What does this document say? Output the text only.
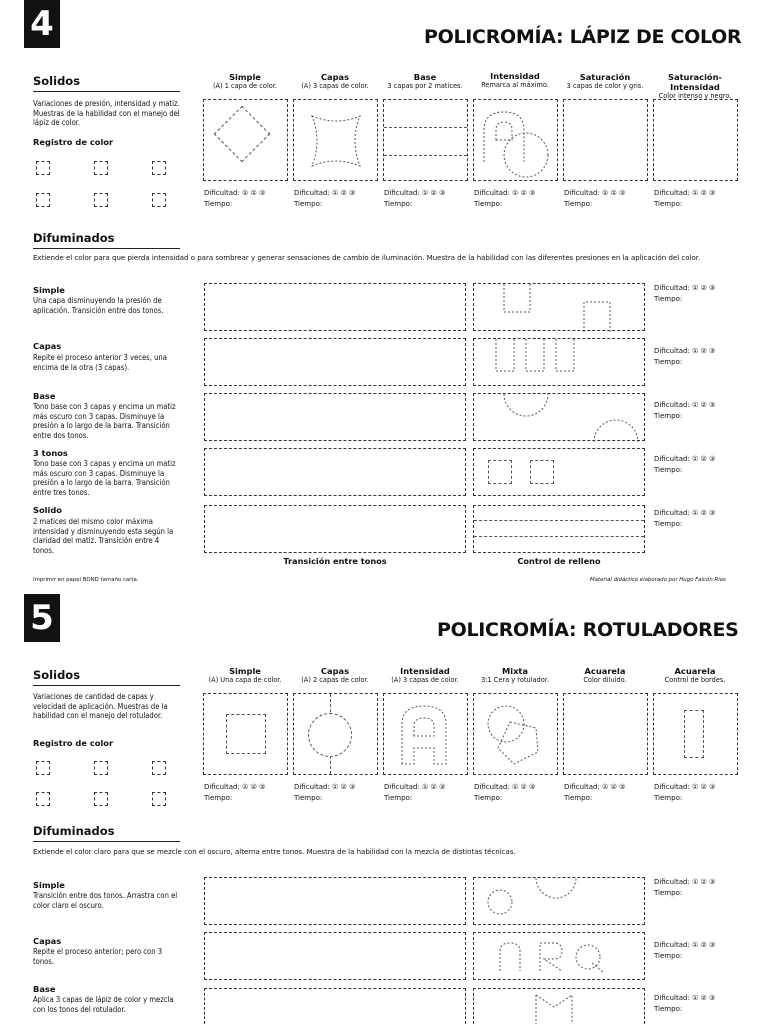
4	POLICROMÍA: LÁPIZ DE COLOR
Solidos
Variaciones de presión, intensidad y matiz. Muestras de la habilidad con el manejo del lápiz de color.
Registro de color
Simple
(A) 1 capa de color.
Capas
(A) 3 capas de color.
Base
3 capas por 2 matices.
Intensidad
Remarca al máximo.
Saturación
3 capas de color y gris.
Saturación-Intensidad
Color intenso y negro.
Dificultad: ① ② ③
Tiempo:
Dificultad: ① ② ③
Tiempo:
Dificultad: ① ② ③
Tiempo:
Dificultad: ① ② ③
Tiempo:
Dificultad: ① ② ③
Tiempo:
Dificultad: ① ② ③
Tiempo:
Difuminados
Extiende el color para que pierda intensidad o para sombrear y generar sensaciones de cambio de iluminación. Muestra de la habilidad con las diferentes presiones en la aplicación del color.
Simple
Una capa disminuyendo la presión de aplicación. Transición entre dos tonos.
Dificultad: ① ② ③
Tiempo:
Capas
Repite el proceso anterior 3 veces, una encima de la otra (3 capas).
Dificultad: ① ② ③
Tiempo:
Base
Tono base con 3 capas y encima un matiz más oscuro con 3 capas. Disminuye la presión a lo largo de la barra. Transición entre dos tonos.
Dificultad: ① ② ③
Tiempo:
3 tonos
Tono base con 3 capas y encima un matiz más oscuro con 3 capas. Disminuye la presión a lo largo de la barra. Transición entre tres tonos.
Dificultad: ① ② ③
Tiempo:
Solido
2 matices del mismo color máxima intensidad y disminuyendo esta según la claridad del matiz. Transición entre 4 tonos.
Dificultad: ① ② ③
Tiempo:
Transición entre tonos	Control de relleno
Imprimir en papel BOND tamaño carta.	Material didáctico elaborado por Hugo Falcón Ríos
5	POLICROMÍA: ROTULADORES
Solidos
Variaciones de cantidad de capas y velocidad de aplicación. Muestras de la habilidad con el manejo del rotulador.
Registro de color
Simple
(A) Una capa de color.
Capas
(A) 2 capas de color.
Intensidad
(A) 3 capas de color.
Mixta
3:1 Cera y rotulador.
Acuarela
Color diluido.
Acuarela
Control de bordes.
Dificultad: ① ② ③
Tiempo:
Dificultad: ① ② ③
Tiempo:
Dificultad: ① ② ③
Tiempo:
Dificultad: ① ② ③
Tiempo:
Dificultad: ① ② ③
Tiempo:
Dificultad: ① ② ③
Tiempo:
Difuminados
Extiende el color claro para que se mezcle con el oscuro, alterna entre tonos. Muestra de la habilidad con la mezcla de distintas técnicas.
Simple
Transición entre dos tonos. Arrastra con el color claro el oscuro.
Dificultad: ① ② ③
Tiempo:
Capas
Repite el proceso anterior; pero con 3 tonos.
Dificultad: ① ② ③
Tiempo:
Base
Aplica 3 capas de lápiz de color y mezcla con los tonos del rotulador.
Dificultad: ① ② ③
Tiempo:
